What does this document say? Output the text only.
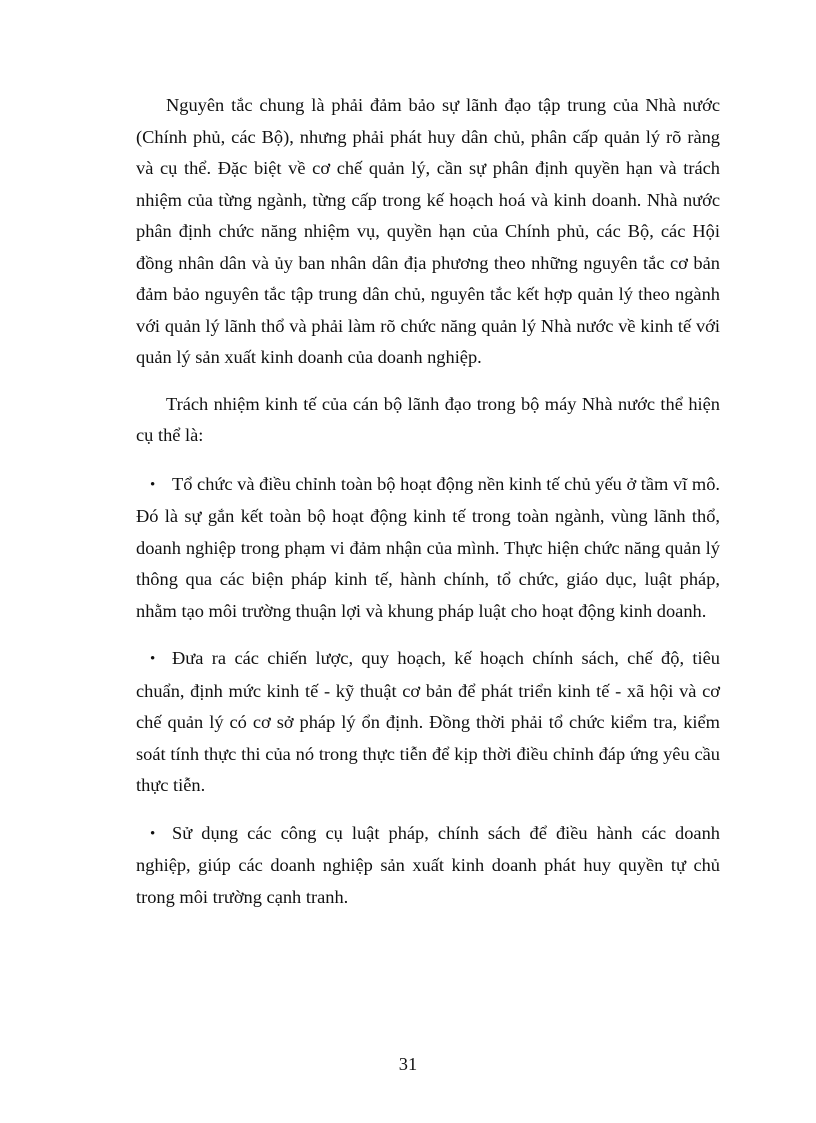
Nguyên tắc chung là phải đảm bảo sự lãnh đạo tập trung của Nhà nước (Chính phủ, các Bộ), nhưng phải phát huy dân chủ, phân cấp quản lý rõ ràng và cụ thể. Đặc biệt về cơ chế quản lý, cần sự phân định quyền hạn và trách nhiệm của từng ngành, từng cấp trong kế hoạch hoá và kinh doanh. Nhà nước phân định chức năng nhiệm vụ, quyền hạn của Chính phủ, các Bộ, các Hội đồng nhân dân và ủy ban nhân dân địa phương theo những nguyên tắc cơ bản đảm bảo nguyên tắc tập trung dân chủ, nguyên tắc kết hợp quản lý theo ngành với quản lý lãnh thổ và phải làm rõ chức năng quản lý Nhà nước về kinh tế với quản lý sản xuất kinh doanh của doanh nghiệp.

Trách nhiệm kinh tế của cán bộ lãnh đạo trong bộ máy Nhà nước thể hiện cụ thể là:

• Tổ chức và điều chỉnh toàn bộ hoạt động nền kinh tế chủ yếu ở tầm vĩ mô. Đó là sự gắn kết toàn bộ hoạt động kinh tế trong toàn ngành, vùng lãnh thổ, doanh nghiệp trong phạm vi đảm nhận của mình. Thực hiện chức năng quản lý thông qua các biện pháp kinh tế, hành chính, tổ chức, giáo dục, luật pháp, nhằm tạo môi trường thuận lợi và khung pháp luật cho hoạt động kinh doanh.
• Đưa ra các chiến lược, quy hoạch, kế hoạch chính sách, chế độ, tiêu chuẩn, định mức kinh tế - kỹ thuật cơ bản để phát triển kinh tế - xã hội và cơ chế quản lý có cơ sở pháp lý ổn định. Đồng thời phải tổ chức kiểm tra, kiểm soát tính thực thi của nó trong thực tiễn để kịp thời điều chỉnh đáp ứng yêu cầu thực tiễn.
• Sử dụng các công cụ luật pháp, chính sách để điều hành các doanh nghiệp, giúp các doanh nghiệp sản xuất kinh doanh phát huy quyền tự chủ trong môi trường cạnh tranh.
31
